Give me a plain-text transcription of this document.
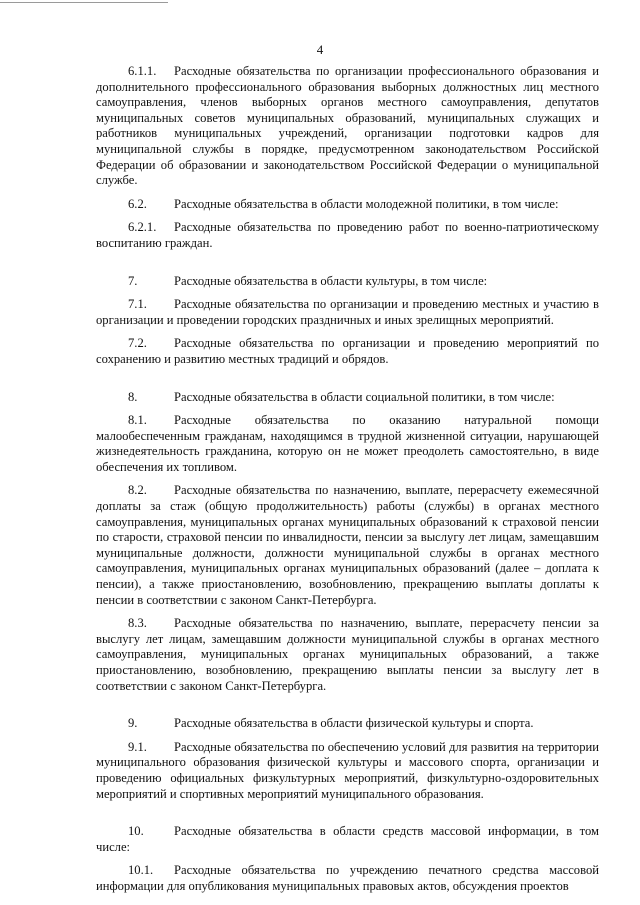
4

6.1.1. Расходные обязательства по организации профессионального образования и дополнительного профессионального образования выборных должностных лиц местного самоуправления, членов выборных органов местного самоуправления, депутатов муниципальных советов муниципальных образований, муниципальных служащих и работников муниципальных учреждений, организации подготовки кадров для муниципальной службы в порядке, предусмотренном законодательством Российской Федерации об образовании и законодательством Российской Федерации о муниципальной службе.

6.2. Расходные обязательства в области молодежной политики, в том числе:

6.2.1. Расходные обязательства по проведению работ по военно-патриотическому воспитанию граждан.

7.	Расходные обязательства в области культуры, в том числе:

7.1. Расходные обязательства по организации и проведению местных и участию в организации и проведении городских праздничных и иных зрелищных мероприятий.

7.2. Расходные обязательства по организации и проведению мероприятий по сохранению и развитию местных традиций и обрядов.

8.	Расходные обязательства в области социальной политики, в том числе:

8.1. Расходные обязательства по оказанию натуральной помощи малообеспеченным гражданам, находящимся в трудной жизненной ситуации, нарушающей жизнедеятельность гражданина, которую он не может преодолеть самостоятельно, в виде обеспечения их топливом.

8.2. Расходные обязательства по назначению, выплате, перерасчету ежемесячной доплаты за стаж (общую продолжительность) работы (службы) в органах местного самоуправления, муниципальных органах муниципальных образований к страховой пенсии по старости, страховой пенсии по инвалидности, пенсии за выслугу лет лицам, замещавшим муниципальные должности, должности муниципальной службы в органах местного самоуправления, муниципальных органах муниципальных образований (далее – доплата к пенсии), а также приостановлению, возобновлению, прекращению выплаты доплаты к пенсии в соответствии с законом Санкт-Петербурга.

8.3. Расходные обязательства по назначению, выплате, перерасчету пенсии за выслугу лет лицам, замещавшим должности муниципальной службы в органах местного самоуправления, муниципальных органах муниципальных образований, а также приостановлению, возобновлению, прекращению выплаты пенсии за выслугу лет в соответствии с законом Санкт-Петербурга.

9.	Расходные обязательства в области физической культуры и спорта.

9.1. Расходные обязательства по обеспечению условий для развития на территории муниципального образования физической культуры и массового спорта, организации и проведению официальных физкультурных мероприятий, физкультурно-оздоровительных мероприятий и спортивных мероприятий муниципального образования.

10. Расходные обязательства в области средств массовой информации, в том числе:

10.1. Расходные обязательства по учреждению печатного средства массовой информации для опубликования муниципальных правовых актов, обсуждения проектов
